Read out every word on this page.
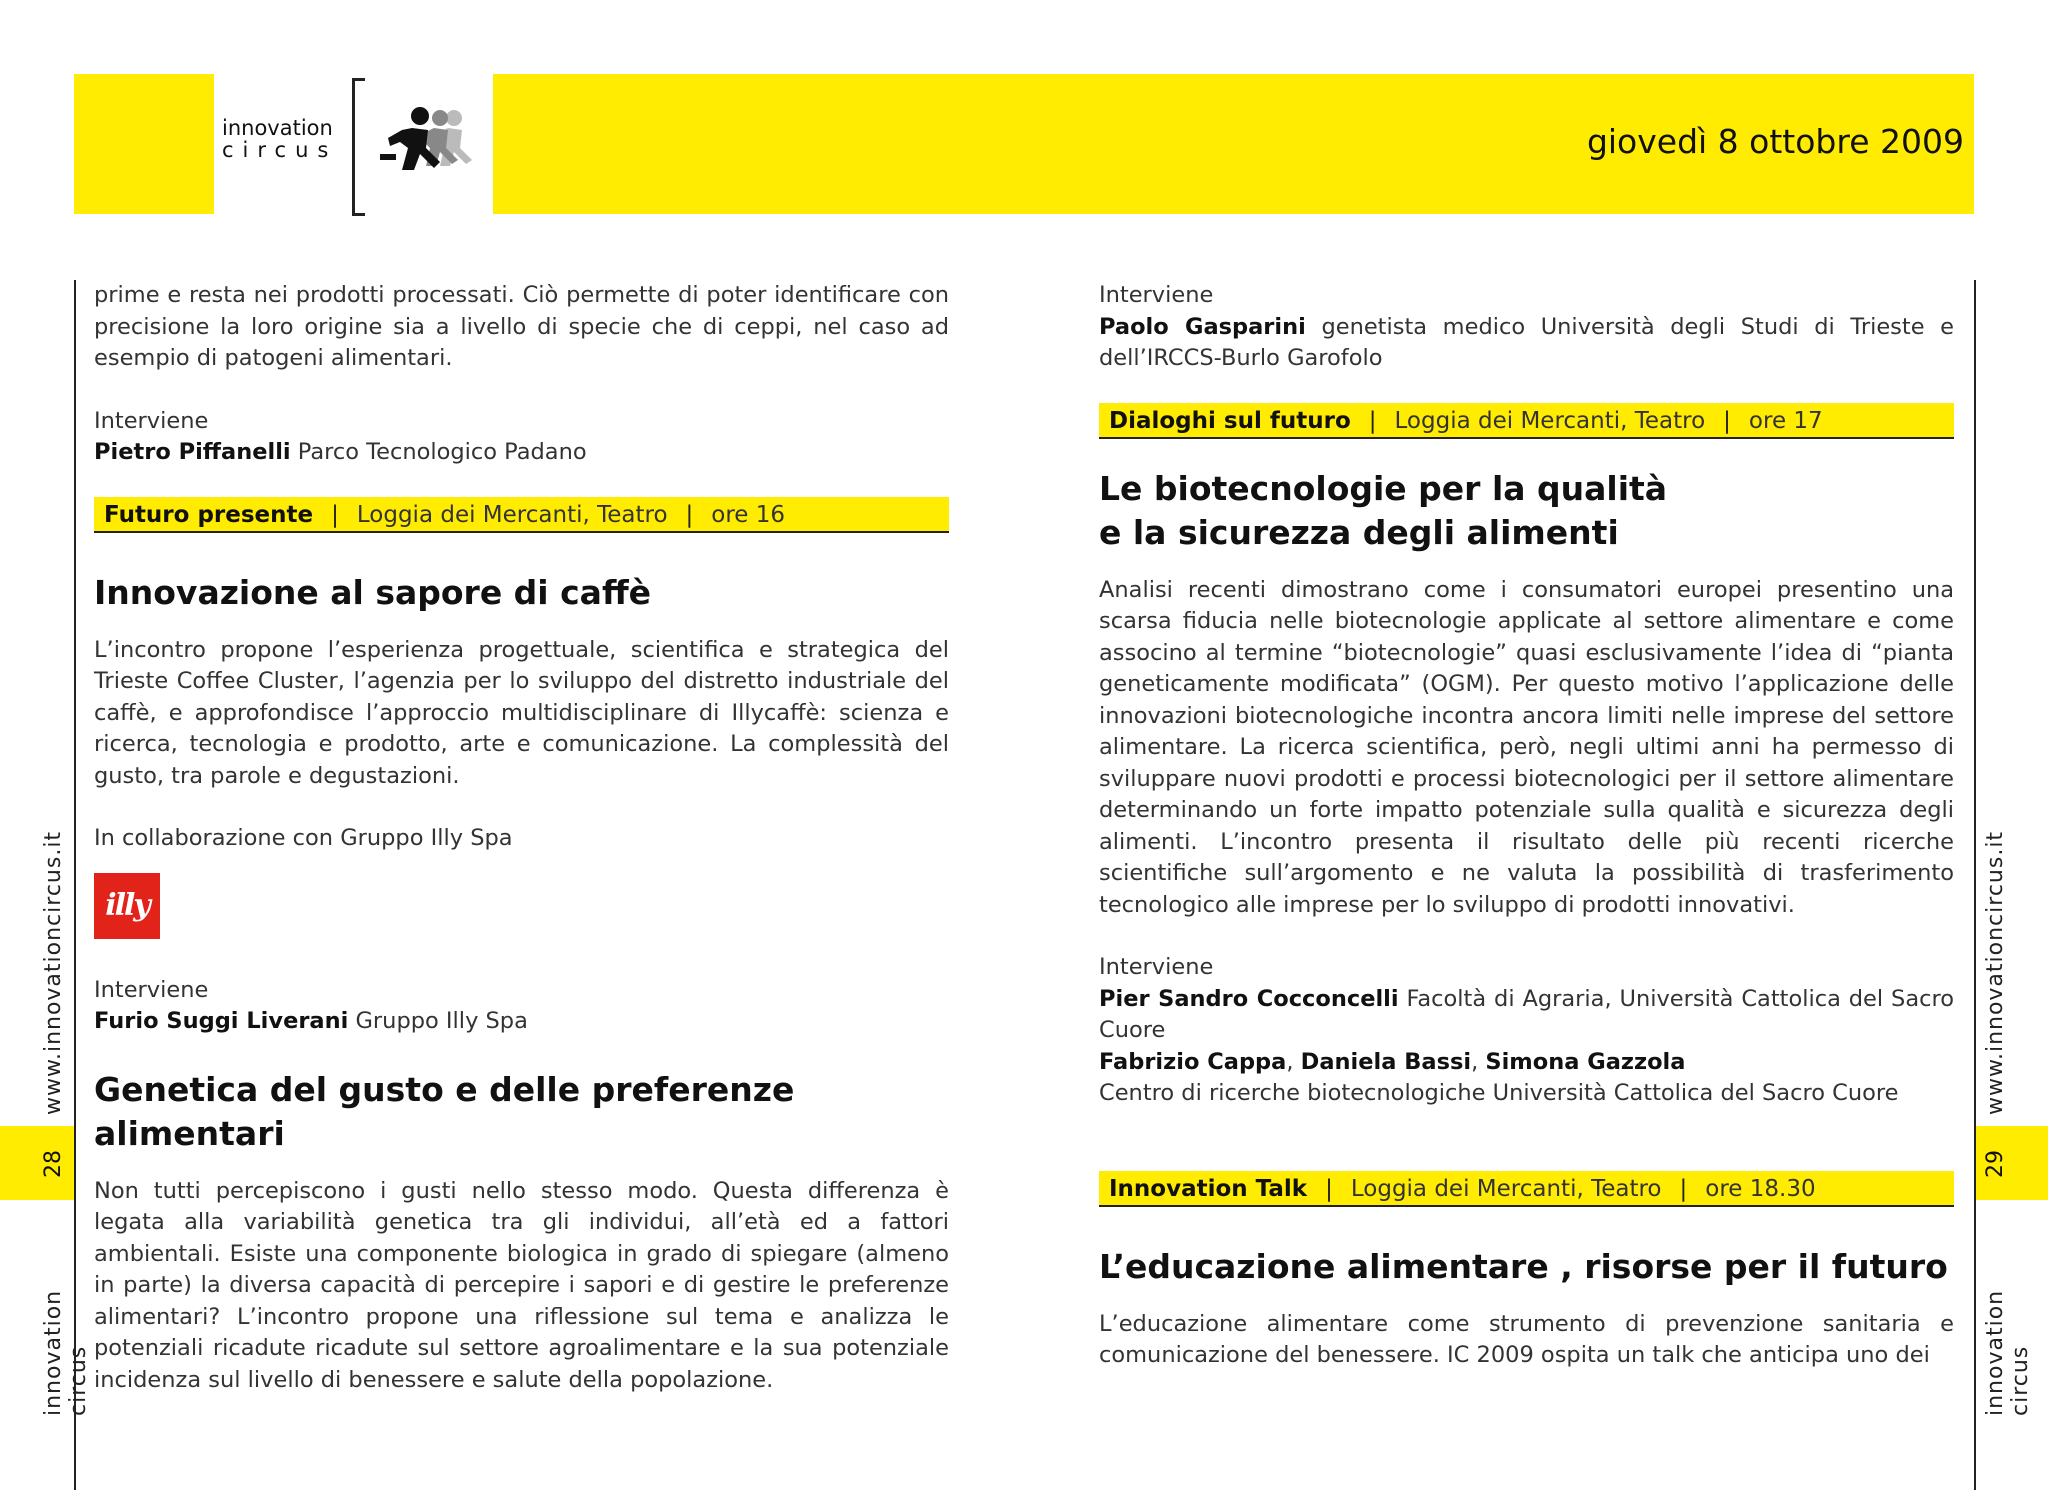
innovation
circus	giovedì 8 ottobre 2009
www.innovationcircus.it
28
innovation circus
www.innovationcircus.it
29
innovation circus

prime e resta nei prodotti processati. Ciò permette di poter identificare con precisione la loro origine sia a livello di specie che di ceppi, nel caso ad esempio di patogeni alimentari.

Interviene

Pietro Piffanelli Parco Tecnologico Padano

Futuro presente | Loggia dei Mercanti, Teatro | ore 16
Innovazione al sapore di caffè

L’incontro propone l’esperienza progettuale, scientifica e strategica del Trieste Coffee Cluster, l’agenzia per lo sviluppo del distretto industriale del caffè, e approfondisce l’approccio multidisciplinare di Illycaffè: scienza e ricerca, tecnologia e prodotto, arte e comunicazione. La complessità del gusto, tra parole e degustazioni.

In collaborazione con Gruppo Illy Spa

illy

Interviene

Furio Suggi Liverani Gruppo Illy Spa

Genetica del gusto e delle preferenze alimentari

Non tutti percepiscono i gusti nello stesso modo. Questa differenza è legata alla variabilità genetica tra gli individui, all’età ed a fattori ambientali. Esiste una componente biologica in grado di spiegare (almeno in parte) la diversa capacità di percepire i sapori e di gestire le preferenze alimentari? L’incontro propone una riflessione sul tema e analizza le potenziali ricadute ricadute sul settore agroalimentare e la sua potenziale incidenza sul livello di benessere e salute della popolazione.

Interviene

Paolo Gasparini genetista medico Università degli Studi di Trieste e dell’IRCCS-Burlo Garofolo

Dialoghi sul futuro | Loggia dei Mercanti, Teatro | ore 17
Le biotecnologie per la qualità
e la sicurezza degli alimenti

Analisi recenti dimostrano come i consumatori europei presentino una scarsa fiducia nelle biotecnologie applicate al settore alimentare e come associno al termine “biotecnologie” quasi esclusivamente l’idea di “pianta geneticamente modificata” (OGM). Per questo motivo l’applicazione delle innovazioni biotecnologiche incontra ancora limiti nelle imprese del settore alimentare. La ricerca scientifica, però, negli ultimi anni ha permesso di sviluppare nuovi prodotti e processi biotecnologici per il settore alimentare determinando un forte impatto potenziale sulla qualità e sicurezza degli alimenti. L’incontro presenta il risultato delle più recenti ricerche scientifiche sull’argomento e ne valuta la possibilità di trasferimento tecnologico alle imprese per lo sviluppo di prodotti innovativi.

Interviene

Pier Sandro Cocconcelli Facoltà di Agraria, Università Cattolica del Sacro Cuore

Fabrizio Cappa, Daniela Bassi, Simona Gazzola

Centro di ricerche biotecnologiche Università Cattolica del Sacro Cuore

Innovation Talk | Loggia dei Mercanti, Teatro | ore 18.30
L’educazione alimentare , risorse per il futuro

L’educazione alimentare come strumento di prevenzione sanitaria e comunicazione del benessere. IC 2009 ospita un talk che anticipa uno dei
